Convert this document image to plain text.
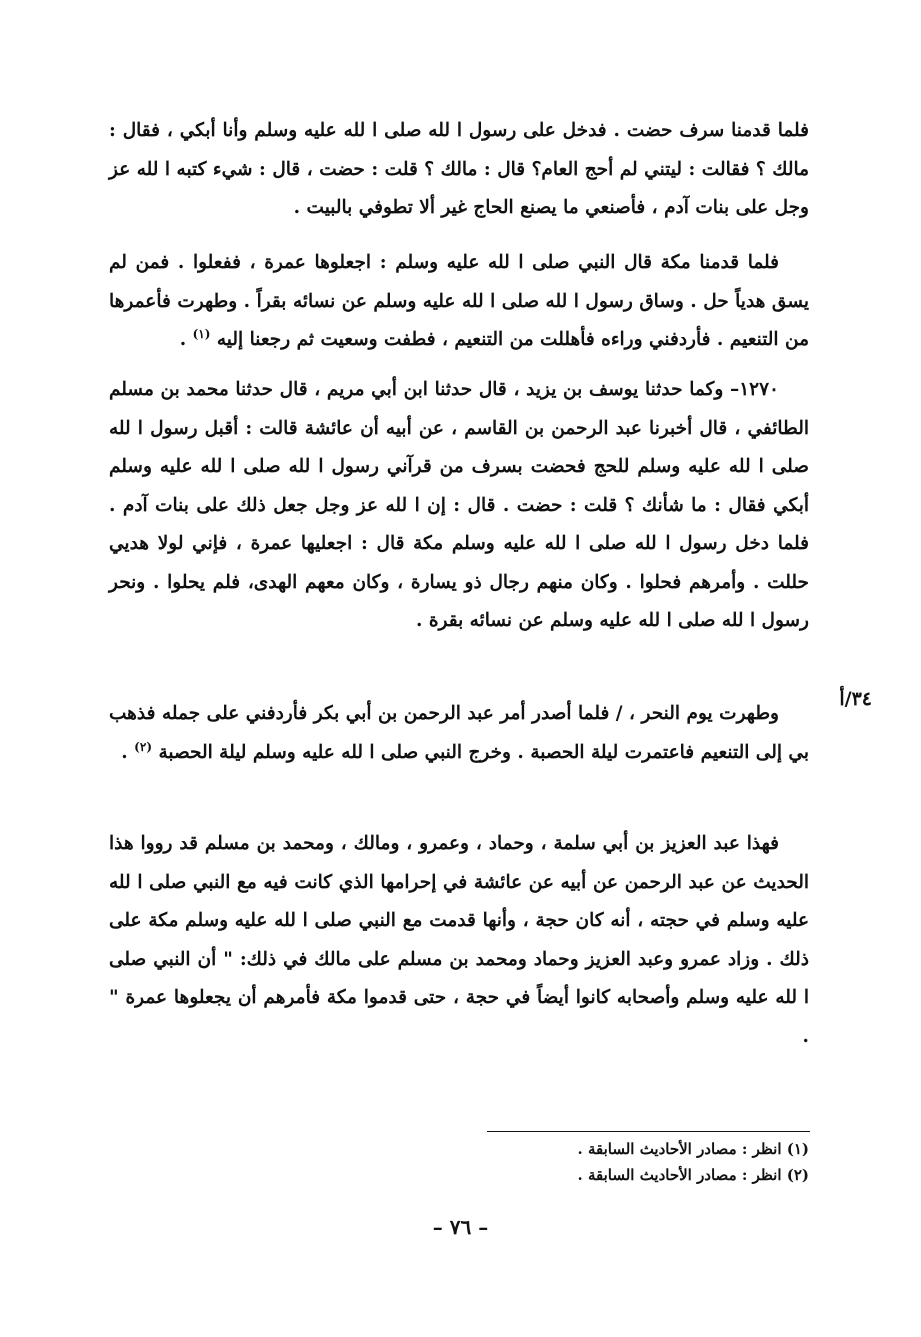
فلما قدمنا سرف حضت . فدخل على رسول ا لله صلى ا لله عليه وسلم وأنا أبكي ، فقال : مالك ؟ فقالت : ليتني لم أحج العام؟ قال : مالك ؟ قلت : حضت ، قال : شيء كتبه ا لله عز وجل على بنات آدم ، فأصنعي ما يصنع الحاج غير ألا تطوفي بالبيت .

فلما قدمنا مكة قال النبي صلى ا لله عليه وسلم : اجعلوها عمرة ، ففعلوا . فمن لم يسق هدياً حل . وساق رسول ا لله صلى ا لله عليه وسلم عن نسائه بقراً . وطهرت فأعمرها من التنعيم . فأردفني وراءه فأهللت من التنعيم ، فطفت وسعيت ثم رجعنا إليه $^{(١)}$ .

١٢٧٠– وكما حدثنا يوسف بن يزيد ، قال حدثنا ابن أبي مريم ، قال حدثنا محمد بن مسلم الطائفي ، قال أخبرنا عبد الرحمن بن القاسم ، عن أبيه أن عائشة قالت : أقبل رسول ا لله صلى ا لله عليه وسلم للحج فحضت بسرف من قرآني رسول ا لله صلى ا لله عليه وسلم أبكي فقال : ما شأنك ؟ قلت : حضت . قال : إن ا لله عز وجل جعل ذلك على بنات آدم . فلما دخل رسول ا لله صلى ا لله عليه وسلم مكة قال : اجعليها عمرة ، فإني لولا هديي حللت . وأمرهم فحلوا . وكان منهم رجال ذو يسارة ، وكان معهم الهدى، فلم يحلوا . ونحر رسول ا لله صلى ا لله عليه وسلم عن نسائه بقرة .

٣٤/أ

وطهرت يوم النحر ، / فلما أصدر أمر عبد الرحمن بن أبي بكر فأردفني على جمله فذهب بي إلى التنعيم فاعتمرت ليلة الحصبة . وخرج النبي صلى ا لله عليه وسلم ليلة الحصبة $^{(٢)}$ .

فهذا عبد العزيز بن أبي سلمة ، وحماد ، وعمرو ، ومالك ، ومحمد بن مسلم قد رووا هذا الحديث عن عبد الرحمن عن أبيه عن عائشة في إحرامها الذي كانت فيه مع النبي صلى ا لله عليه وسلم في حجته ، أنه كان حجة ، وأنها قدمت مع النبي صلى ا لله عليه وسلم مكة على ذلك . وزاد عمرو وعبد العزيز وحماد ومحمد بن مسلم على مالك في ذلك: " أن النبي صلى ا لله عليه وسلم وأصحابه كانوا أيضاً في حجة ، حتى قدموا مكة فأمرهم أن يجعلوها عمرة " .

(١) انظر : مصادر الأحاديث السابقة .

(٢) انظر : مصادر الأحاديث السابقة .

– ٧٦ –
